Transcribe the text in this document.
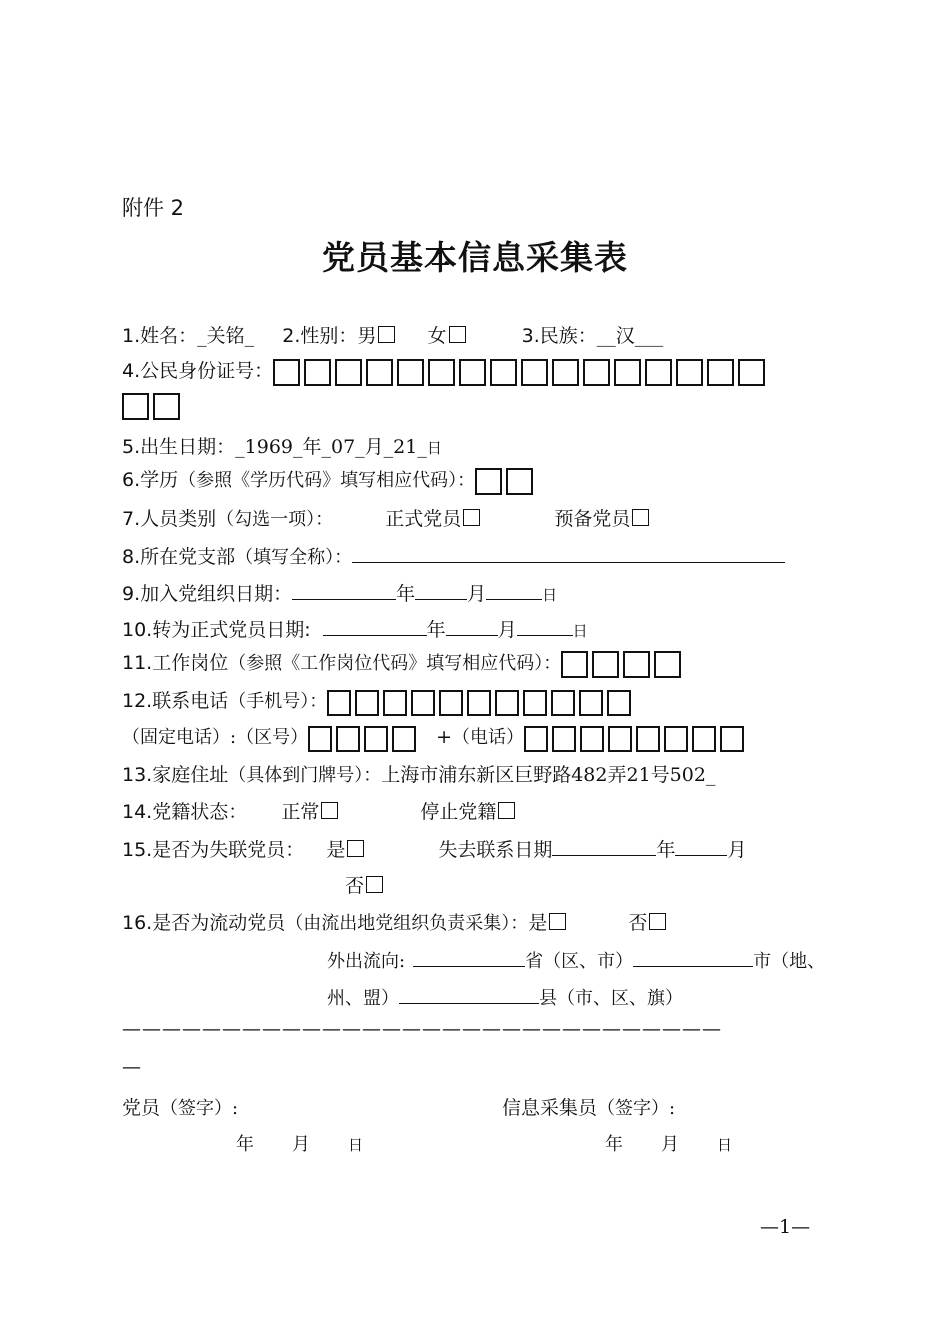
附件 2
党员基本信息采集表
1.姓名：_关铭_ 2.性别：男	女	3.民族：__汉___
4.公民身份证号：
5.出生日期：_1969_年_07_月_21_日
6.学历（参照《学历代码》填写相应代码）：
7.人员类别（勾选一项）：	正式党员	预备党员
8.所在党支部（填写全称）：
9.加入党组织日期：	年	月	日
10.转为正式党员日期:	年	月	日
11.工作岗位（参照《工作岗位代码》填写相应代码）：
12.联系电话（手机号）：
（固定电话）:（区号）	+（电话）
13.家庭住址（具体到门牌号）：上海市浦东新区巨野路482弄21号502_
14.党籍状态： 正常	停止党籍
15.是否为失联党员： 是	失去联系日期	年	月
否
16.是否为流动党员（由流出地党组织负责采集）：是	否
外出流向:	省（区、市）	市（地、
州、盟）	县（市、区、旗）
——————————————————————————————
—
党员（签字）:	信息采集员（签字）:
年 月	日	年 月	日
—1—
